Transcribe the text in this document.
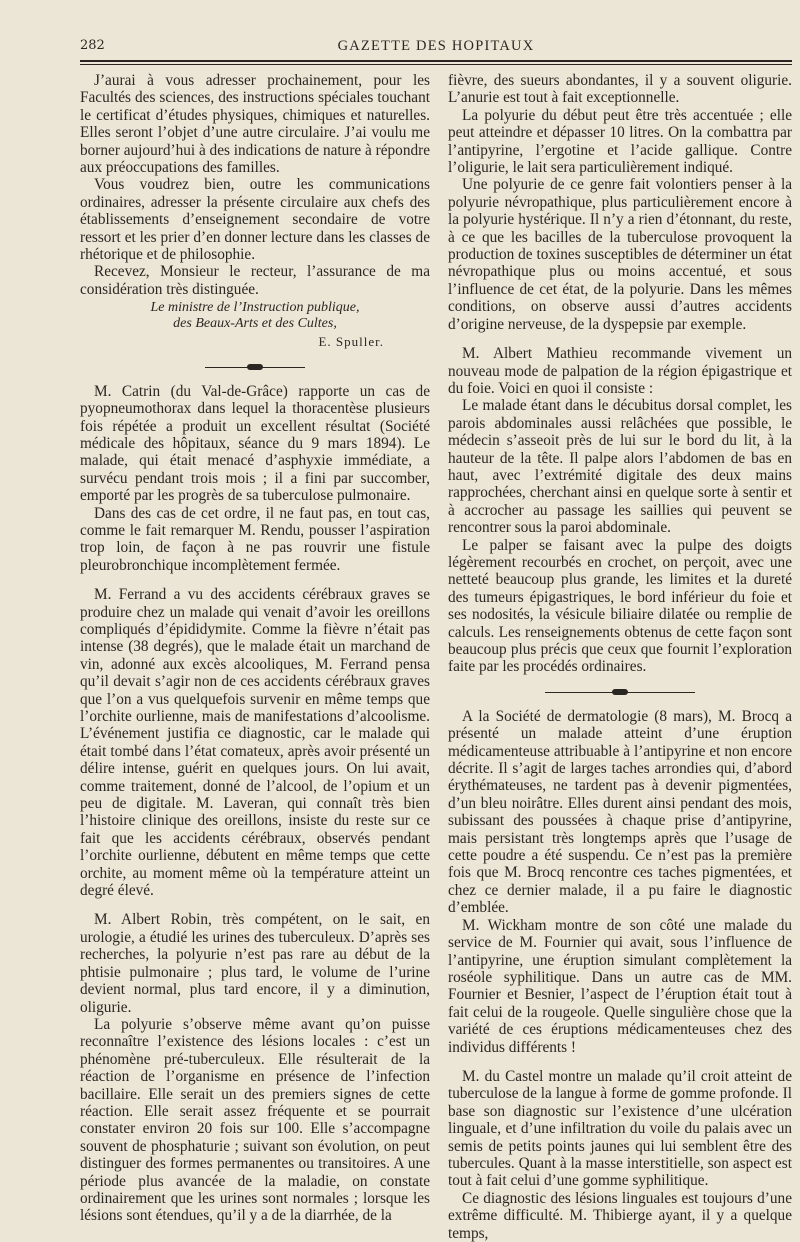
282	GAZETTE DES HOPITAUX

J’aurai à vous adresser prochainement, pour les Facultés des sciences, des instructions spéciales touchant le certificat d’études physiques, chimiques et naturelles. Elles seront l’objet d’une autre circulaire. J’ai voulu me borner aujourd’hui à des indications de nature à répondre aux préoccupations des familles.

Vous voudrez bien, outre les communications ordinaires, adresser la présente circulaire aux chefs des établissements d’enseignement secondaire de votre ressort et les prier d’en donner lecture dans les classes de rhétorique et de philosophie.

Recevez, Monsieur le recteur, l’assurance de ma considération très distinguée.

Le ministre de l’Instruction publique,
des Beaux-Arts et des Cultes,
E. Spuller.

M. Catrin (du Val-de-Grâce) rapporte un cas de pyopneumothorax dans lequel la thoracentèse plusieurs fois répétée a produit un excellent résultat (Société médicale des hôpitaux, séance du 9 mars 1894). Le malade, qui était menacé d’asphyxie immédiate, a survécu pendant trois mois ; il a fini par succomber, emporté par les progrès de sa tuberculose pulmonaire.

Dans des cas de cet ordre, il ne faut pas, en tout cas, comme le fait remarquer M. Rendu, pousser l’aspiration trop loin, de façon à ne pas rouvrir une fistule pleurobronchique incomplètement fermée.

M. Ferrand a vu des accidents cérébraux graves se produire chez un malade qui venait d’avoir les oreillons compliqués d’épididymite. Comme la fièvre n’était pas intense (38 degrés), que le malade était un marchand de vin, adonné aux excès alcooliques, M. Ferrand pensa qu’il devait s’agir non de ces accidents cérébraux graves que l’on a vus quelquefois survenir en même temps que l’orchite ourlienne, mais de manifestations d’alcoolisme. L’événement justifia ce diagnostic, car le malade qui était tombé dans l’état comateux, après avoir présenté un délire intense, guérit en quelques jours. On lui avait, comme traitement, donné de l’alcool, de l’opium et un peu de digitale. M. Laveran, qui connaît très bien l’histoire clinique des oreillons, insiste du reste sur ce fait que les accidents cérébraux, observés pendant l’orchite ourlienne, débutent en même temps que cette orchite, au moment même où la température atteint un degré élevé.

M. Albert Robin, très compétent, on le sait, en urologie, a étudié les urines des tuberculeux. D’après ses recherches, la polyurie n’est pas rare au début de la phtisie pulmonaire ; plus tard, le volume de l’urine devient normal, plus tard encore, il y a diminution, oligurie.

La polyurie s’observe même avant qu’on puisse reconnaître l’existence des lésions locales : c’est un phénomène pré-tuberculeux. Elle résulterait de la réaction de l’organisme en présence de l’infection bacillaire. Elle serait un des premiers signes de cette réaction. Elle serait assez fréquente et se pourrait constater environ 20 fois sur 100. Elle s’accompagne souvent de phosphaturie ; suivant son évolution, on peut distinguer des formes permanentes ou transitoires. A une période plus avancée de la maladie, on constate ordinairement que les urines sont normales ; lorsque les lésions sont étendues, qu’il y a de la diarrhée, de la

fièvre, des sueurs abondantes, il y a souvent oligurie. L’anurie est tout à fait exceptionnelle.

La polyurie du début peut être très accentuée ; elle peut atteindre et dépasser 10 litres. On la combattra par l’antipyrine, l’ergotine et l’acide gallique. Contre l’oligurie, le lait sera particulièrement indiqué.

Une polyurie de ce genre fait volontiers penser à la polyurie névropathique, plus particulièrement encore à la polyurie hystérique. Il n’y a rien d’étonnant, du reste, à ce que les bacilles de la tuberculose provoquent la production de toxines susceptibles de déterminer un état névropathique plus ou moins accentué, et sous l’influence de cet état, de la polyurie. Dans les mêmes conditions, on observe aussi d’autres accidents d’origine nerveuse, de la dyspepsie par exemple.

M. Albert Mathieu recommande vivement un nouveau mode de palpation de la région épigastrique et du foie. Voici en quoi il consiste :

Le malade étant dans le décubitus dorsal complet, les parois abdominales aussi relâchées que possible, le médecin s’asseoit près de lui sur le bord du lit, à la hauteur de la tête. Il palpe alors l’abdomen de bas en haut, avec l’extrémité digitale des deux mains rapprochées, cherchant ainsi en quelque sorte à sentir et à accrocher au passage les saillies qui peuvent se rencontrer sous la paroi abdominale.

Le palper se faisant avec la pulpe des doigts légèrement recourbés en crochet, on perçoit, avec une netteté beaucoup plus grande, les limites et la dureté des tumeurs épigastriques, le bord inférieur du foie et ses nodosités, la vésicule biliaire dilatée ou remplie de calculs. Les renseignements obtenus de cette façon sont beaucoup plus précis que ceux que fournit l’exploration faite par les procédés ordinaires.

A la Société de dermatologie (8 mars), M. Brocq a présenté un malade atteint d’une éruption médicamenteuse attribuable à l’antipyrine et non encore décrite. Il s’agit de larges taches arrondies qui, d’abord érythémateuses, ne tardent pas à devenir pigmentées, d’un bleu noirâtre. Elles durent ainsi pendant des mois, subissant des poussées à chaque prise d’antipyrine, mais persistant très longtemps après que l’usage de cette poudre a été suspendu. Ce n’est pas la première fois que M. Brocq rencontre ces taches pigmentées, et chez ce dernier malade, il a pu faire le diagnostic d’emblée.

M. Wickham montre de son côté une malade du service de M. Fournier qui avait, sous l’influence de l’antipyrine, une éruption simulant complètement la roséole syphilitique. Dans un autre cas de MM. Fournier et Besnier, l’aspect de l’éruption était tout à fait celui de la rougeole. Quelle singulière chose que la variété de ces éruptions médicamenteuses chez des individus différents !

M. du Castel montre un malade qu’il croit atteint de tuberculose de la langue à forme de gomme profonde. Il base son diagnostic sur l’existence d’une ulcération linguale, et d’une infiltration du voile du palais avec un semis de petits points jaunes qui lui semblent être des tubercules. Quant à la masse interstitielle, son aspect est tout à fait celui d’une gomme syphilitique.

Ce diagnostic des lésions linguales est toujours d’une extrême difficulté. M. Thibierge ayant, il y a quelque temps,
